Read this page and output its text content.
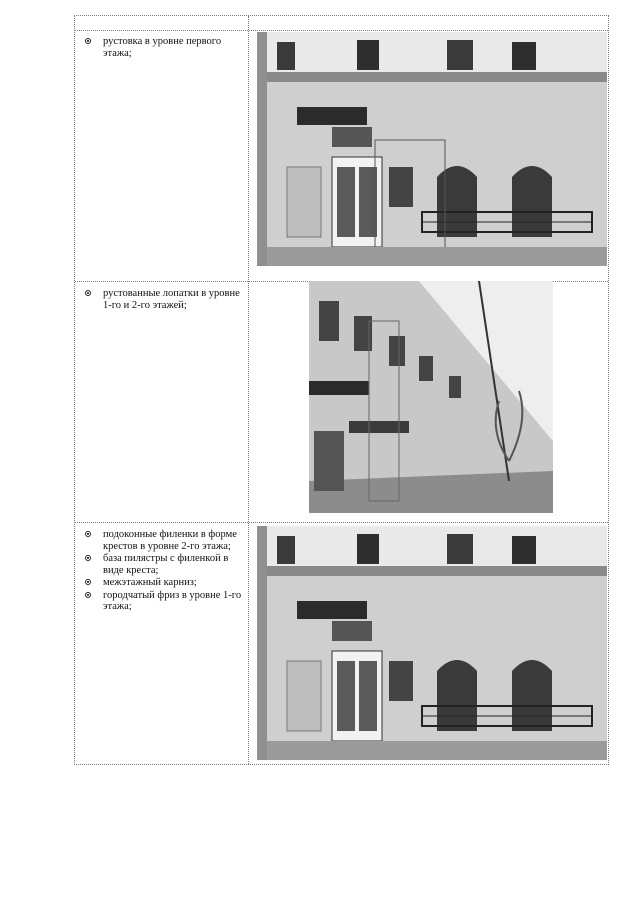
рустовка в уровне первого этажа;
рустованные лопатки в уровне 1-го и 2-го этажей;
подоконные филенки в форме крестов в уровне 2-го этажа;
база пилястры с филенкой в виде креста;
межэтажный карниз;
городчатый фриз в уровне 1-го этажа;
